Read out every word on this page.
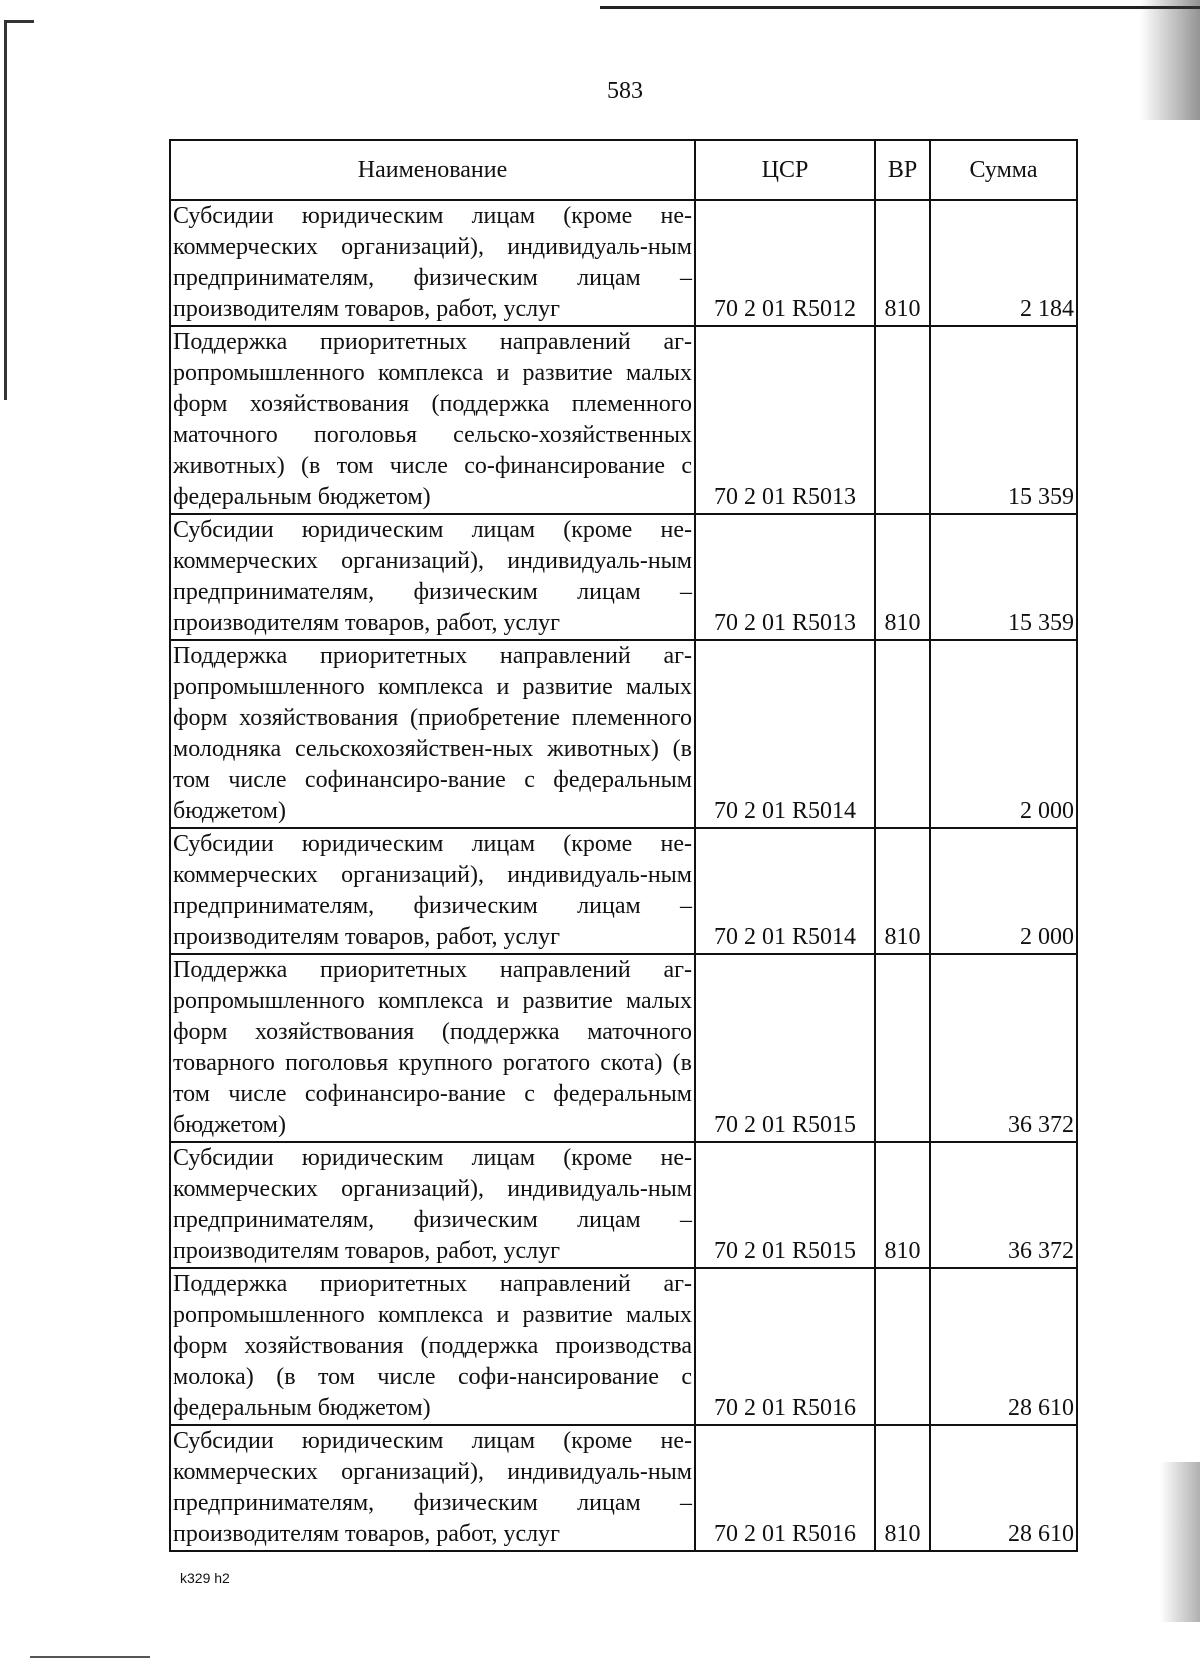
583
Наименование	ЦСР	ВР	Сумма
Субсидии юридическим лицам (кроме не-коммерческих организаций), индивидуаль-ным предпринимателям, физическим лицам – производителям товаров, работ, услуг	70 2 01 R5012	810	2 184
Поддержка приоритетных направлений аг-ропромышленного комплекса и развитие малых форм хозяйствования (поддержка племенного маточного поголовья сельско-хозяйственных животных) (в том числе со-финансирование с федеральным бюджетом)	70 2 01 R5013		15 359
Субсидии юридическим лицам (кроме не-коммерческих организаций), индивидуаль-ным предпринимателям, физическим лицам – производителям товаров, работ, услуг	70 2 01 R5013	810	15 359
Поддержка приоритетных направлений аг-ропромышленного комплекса и развитие малых форм хозяйствования (приобретение племенного молодняка сельскохозяйствен-ных животных) (в том числе софинансиро-вание с федеральным бюджетом)	70 2 01 R5014		2 000
Субсидии юридическим лицам (кроме не-коммерческих организаций), индивидуаль-ным предпринимателям, физическим лицам – производителям товаров, работ, услуг	70 2 01 R5014	810	2 000
Поддержка приоритетных направлений аг-ропромышленного комплекса и развитие малых форм хозяйствования (поддержка маточного товарного поголовья крупного рогатого скота) (в том числе софинансиро-вание с федеральным бюджетом)	70 2 01 R5015		36 372
Субсидии юридическим лицам (кроме не-коммерческих организаций), индивидуаль-ным предпринимателям, физическим лицам – производителям товаров, работ, услуг	70 2 01 R5015	810	36 372
Поддержка приоритетных направлений аг-ропромышленного комплекса и развитие малых форм хозяйствования (поддержка производства молока) (в том числе софи-нансирование с федеральным бюджетом)	70 2 01 R5016		28 610
Субсидии юридическим лицам (кроме не-коммерческих организаций), индивидуаль-ным предпринимателям, физическим лицам – производителям товаров, работ, услуг	70 2 01 R5016	810	28 610
k329 h2
